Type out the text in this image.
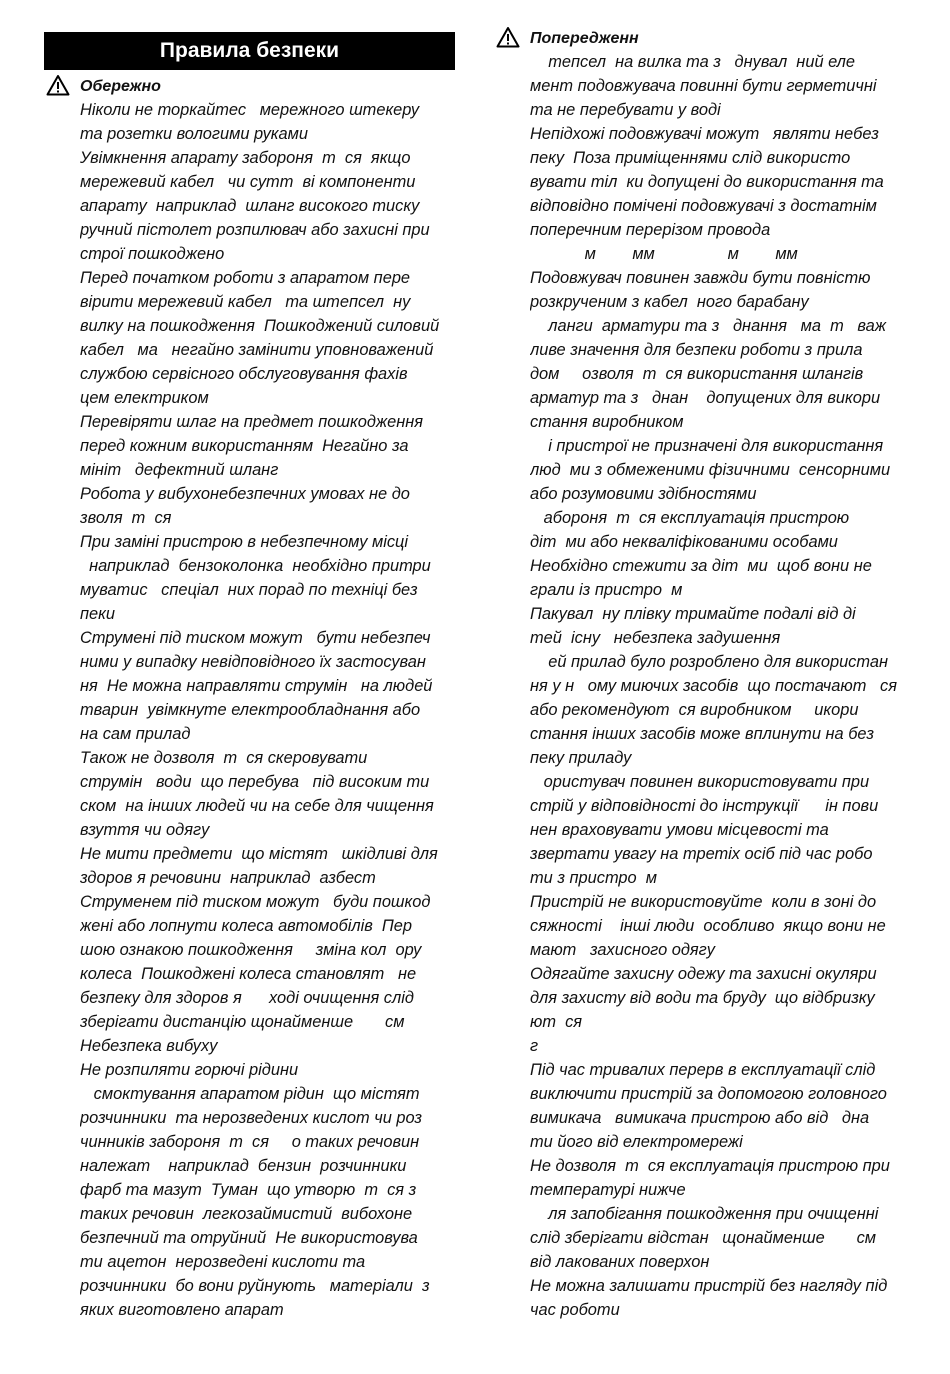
Правила безпеки
Обережно
Ніколи не торкайтес   мережного штекеру
та розетки вологими руками
Увімкнення апарату забороня  т  ся  якщо
мережевий кабел   чи сутт  ві компоненти
апарату  наприклад  шланг високого тиску
ручний пістолет розпилювач або захисні при
строї пошкоджено
Перед початком роботи з апаратом пере
вірити мережевий кабел   та штепсел  ну
вилку на пошкодження  Пошкоджений силовий
кабел   ма   негайно замінити уповноважений
службою сервісного обслуговування фахів
цем електриком
Перевіряти шлаг на предмет пошкодження
перед кожним використанням  Негайно за
мініт   дефектний шланг
Робота у вибухонебезпечних умовах не до
зволя  т  ся
При заміні пристрою в небезпечному місці
наприклад  бензоколонка  необхідно притри
муватис   спеціал  них порад по техніці без
пеки
Струмені під тиском можут   бути небезпеч
ними у випадку невідповідного їх застосуван
ня  Не можна направляти струмін   на людей
тварин  увімкнуте електрообладнання або
на сам прилад
Також не дозволя  т  ся скеровувати
струмін   води  що перебува   під високим ти
ском  на інших людей чи на себе для чищення
взуття чи одягу
Не мити предмети  що містят   шкідливі для
здоров я речовини  наприклад  азбест
Струменем під тиском можут   буди пошкод
жені або лопнути колеса автомобілів  Пер
шою ознакою пошкодження     зміна кол  ору
колеса  Пошкоджені колеса становлят   не
безпеку для здоров я      ході очищення слід
зберігати дистанцію щонайменше       см
Небезпека вибуху
Не розпиляти горючі рідини
смоктування апаратом рідин  що містят
розчинники  та нерозведених кислот чи роз
чинників забороня  т  ся     о таких речовин
належат    наприклад  бензин  розчинники
фарб та мазут  Туман  що утворю  т  ся з
таких речовин  легкозаймистий  вибохоне
безпечний та отруйний  Не використовува
ти ацетон  нерозведені кислоти та
розчинники  бо вони руйнують   матеріали  з
яких виготовлено апарат
Попередженн
тепсел  на вилка та з   днувал  ний еле
мент подовжувача повинні бути герметичні
та не перебувати у воді
Непідхожі подовжувачі можут   являти небез
пеку  Поза приміщеннями слід використо
вувати тіл  ки допущені до використання та
відповідно помічені подовжувачі з достатнім
поперечним перерізом провода
м        мм                м        мм
Подовжувач повинен завжди бути повністю
розкрученим з кабел  ного барабану
ланги  арматури та з   днання   ма  т   важ
ливе значення для безпеки роботи з прила
дом     озволя  т  ся використання шлангів
арматур та з   днан    допущених для викори
стання виробником
і пристрої не призначені для використання
люд  ми з обмеженими фізичними  сенсорними
або розумовими здібностями
абороня  т  ся експлуатація пристрою
діт  ми або некваліфікованими особами
Необхідно стежити за діт  ми  щоб вони не
грали із пристро  м
Пакувал  ну плівку тримайте подалі від ді
тей  існу   небезпека задушення
ей прилад було розроблено для використан
ня у н   ому миючих засобів  що постачают   ся
або рекомендуют  ся виробником     икори
стання інших засобів може вплинути на без
пеку приладу
ористувач повинен використовувати при
стрій у відповідності до інструкції      ін пови
нен враховувати умови місцевості та
звертати увагу на третіх осіб під час робо
ти з пристро  м
Пристрій не використовуйте  коли в зоні до
сяжності    інші люди  особливо  якщо вони не
мают   захисного одягу
Одягайте захисну одежу та захисні окуляри
для захисту від води та бруду  що відбризку
ют  ся
г
Під час тривалих перерв в експлуатації слід
виключити пристрій за допомогою головного
вимикача   вимикача пристрою або від   дна
ти його від електромережі
Не дозволя  т  ся експлуатація пристрою при
температурі нижче
ля запобігання пошкодження при очищенні
слід зберігати відстан   щонайменше       см
від лакованих поверхон
Не можна залишати пристрій без нагляду під
час роботи
